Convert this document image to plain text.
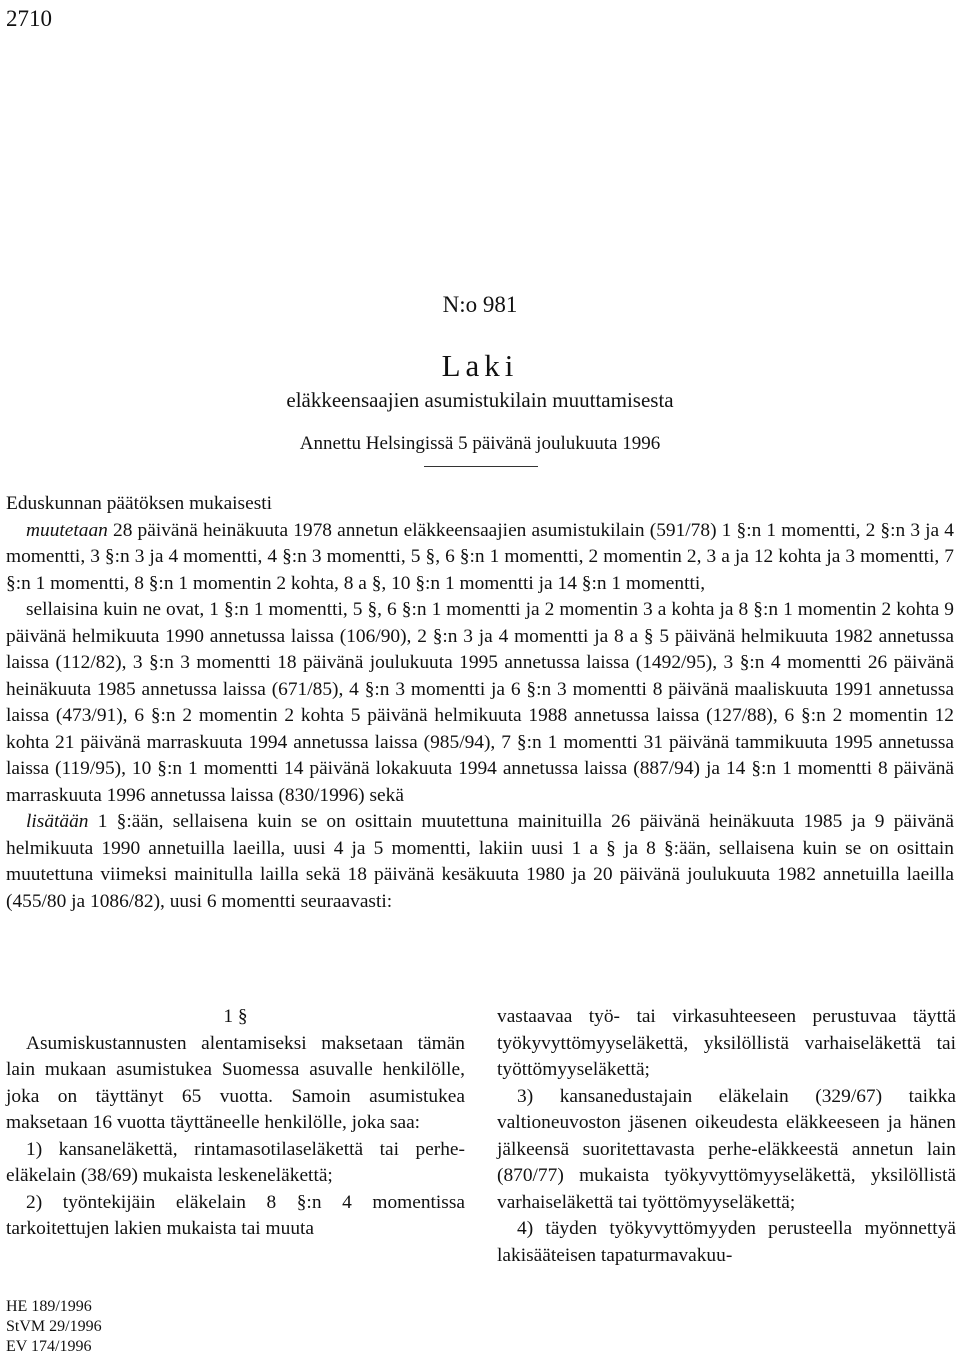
2710
N:o 981
Laki
eläkkeensaajien asumistukilain muuttamisesta
Annettu Helsingissä 5 päivänä joulukuuta 1996

Eduskunnan päätöksen mukaisesti

muutetaan 28 päivänä heinäkuuta 1978 annetun eläkkeensaajien asumistukilain (591/78) 1 §:n 1 momentti, 2 §:n 3 ja 4 momentti, 3 §:n 3 ja 4 momentti, 4 §:n 3 momentti, 5 §, 6 §:n 1 momentti, 2 momentin 2, 3 a ja 12 kohta ja 3 momentti, 7 §:n 1 momentti, 8 §:n 1 momentin 2 kohta, 8 a §, 10 §:n 1 momentti ja 14 §:n 1 momentti,

sellaisina kuin ne ovat, 1 §:n 1 momentti, 5 §, 6 §:n 1 momentti ja 2 momentin 3 a kohta ja 8 §:n 1 momentin 2 kohta 9 päivänä helmikuuta 1990 annetussa laissa (106/90), 2 §:n 3 ja 4 momentti ja 8 a § 5 päivänä helmikuuta 1982 annetussa laissa (112/82), 3 §:n 3 momentti 18 päivänä joulukuuta 1995 annetussa laissa (1492/95), 3 §:n 4 momentti 26 päivänä heinäkuuta 1985 annetussa laissa (671/85), 4 §:n 3 momentti ja 6 §:n 3 momentti 8 päivänä maaliskuuta 1991 annetussa laissa (473/91), 6 §:n 2 momentin 2 kohta 5 päivänä helmikuuta 1988 annetussa laissa (127/88), 6 §:n 2 momentin 12 kohta 21 päivänä marraskuuta 1994 annetussa laissa (985/94), 7 §:n 1 momentti 31 päivänä tammikuuta 1995 annetussa laissa (119/95), 10 §:n 1 momentti 14 päivänä lokakuuta 1994 annetussa laissa (887/94) ja 14 §:n 1 momentti 8 päivänä marraskuuta 1996 annetussa laissa (830/1996) sekä

lisätään 1 §:ään, sellaisena kuin se on osittain muutettuna mainituilla 26 päivänä heinäkuuta 1985 ja 9 päivänä helmikuuta 1990 annetuilla laeilla, uusi 4 ja 5 momentti, lakiin uusi 1 a § ja 8 §:ään, sellaisena kuin se on osittain muutettuna viimeksi mainitulla lailla sekä 18 päivänä kesäkuuta 1980 ja 20 päivänä joulukuuta 1982 annetuilla laeilla (455/80 ja 1086/82), uusi 6 momentti seuraavasti:

1 §

Asumiskustannusten alentamiseksi maksetaan tämän lain mukaan asumistukea Suomessa asuvalle henkilölle, joka on täyttänyt 65 vuotta. Samoin asumistukea maksetaan 16 vuotta täyttäneelle henkilölle, joka saa:

1) kansaneläkettä, rintamasotilaseläkettä tai perhe-eläkelain (38/69) mukaista leskeneläkettä;

2) työntekijäin eläkelain 8 §:n 4 momentissa tarkoitettujen lakien mukaista tai muuta

vastaavaa työ- tai virkasuhteeseen perustuvaa täyttä työkyvyttömyyseläkettä, yksilöllistä varhaiseläkettä tai työttömyyseläkettä;

3) kansanedustajain eläkelain (329/67) taikka valtioneuvoston jäsenen oikeudesta eläkkeeseen ja hänen jälkeensä suoritettavasta perhe-eläkkeestä annetun lain (870/77) mukaista työkyvyttömyyseläkettä, yksilöllistä varhaiseläkettä tai työttömyyseläkettä;

4) täyden työkyvyttömyyden perusteella myönnettyä lakisääteisen tapaturmavakuu-

HE 189/1996
StVM 29/1996
EV 174/1996
